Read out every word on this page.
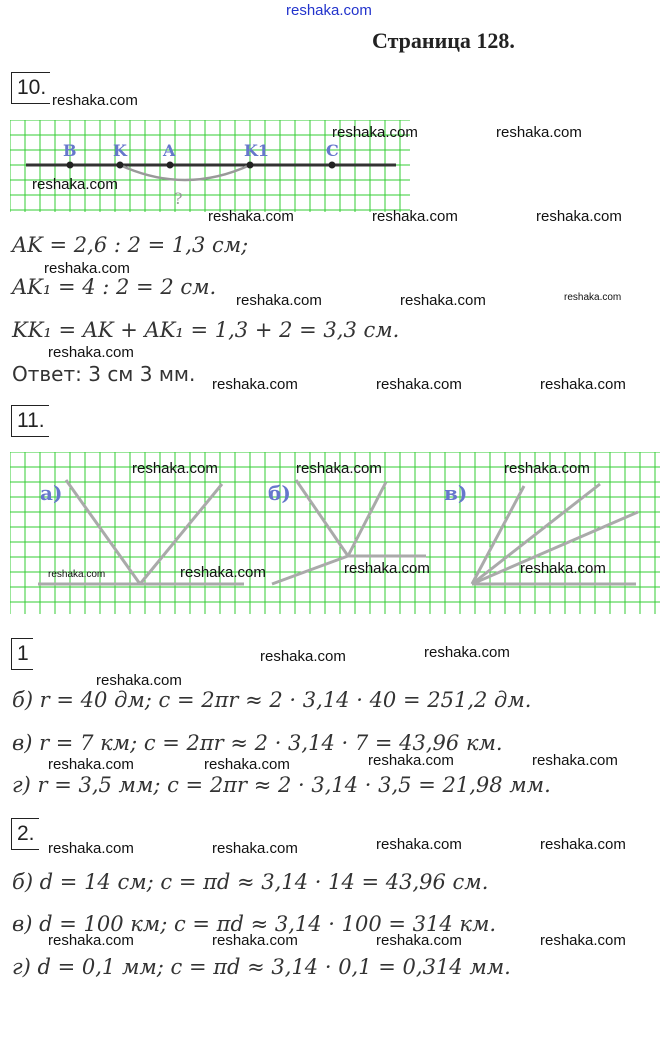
reshaka.com
Страница 128.
10.
B K A	K1	C
?
AK = 2,6 : 2 = 1,3 см;
AK₁ = 4 : 2 = 2 см.
KK₁ = AK + AK₁ = 1,3 + 2 = 3,3 см.
Ответ: 3 см 3 мм.
11.
а)	б)	в)
1
б) r = 40 дм; c = 2πr ≈ 2 · 3,14 · 40 = 251,2 дм.
в) r = 7 км; c = 2πr ≈ 2 · 3,14 · 7 = 43,96 км.
г) r = 3,5 мм; c = 2πr ≈ 2 · 3,14 · 3,5 = 21,98 мм.
2.
б) d = 14 см; c = πd ≈ 3,14 · 14 = 43,96 см.
в) d = 100 км; c = πd ≈ 3,14 · 100 = 314 км.
г) d = 0,1 мм; c = πd ≈ 3,14 · 0,1 = 0,314 мм.
reshaka.com
reshaka.com	reshaka.com
reshaka.com
reshaka.com	reshaka.com	reshaka.com
reshaka.com
reshaka.com	reshaka.com	reshaka.com
reshaka.com
reshaka.com	reshaka.com	reshaka.com
reshaka.com	reshaka.com	reshaka.com
reshaka.com	reshaka.com	reshaka.com	reshaka.com
reshaka.com	reshaka.com
reshaka.com
reshaka.com	reshaka.com	reshaka.com	reshaka.com
reshaka.com	reshaka.com	reshaka.com	reshaka.com
reshaka.com	reshaka.com	reshaka.com	reshaka.com
